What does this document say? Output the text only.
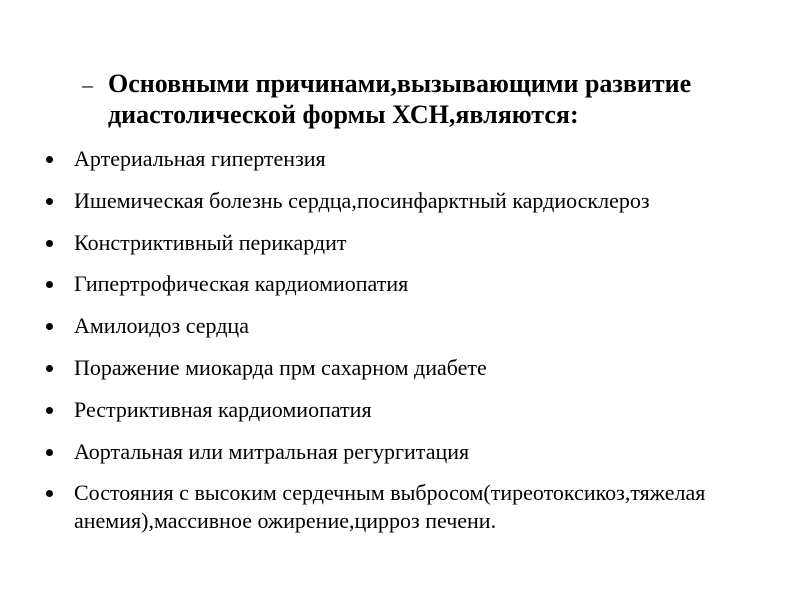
– Основными причинами,вызывающими развитие диастолической формы ХСН,являются:
Артериальная гипертензия
Ишемическая болезнь сердца,посинфарктный кардиосклероз
Констриктивный перикардит
Гипертрофическая кардиомиопатия
Амилоидоз сердца
Поражение миокарда прм сахарном диабете
Рестриктивная кардиомиопатия
Аортальная или митральная регургитация
Состояния с высоким сердечным выбросом(тиреотоксикоз,тяжелая анемия),массивное ожирение,цирроз печени.
